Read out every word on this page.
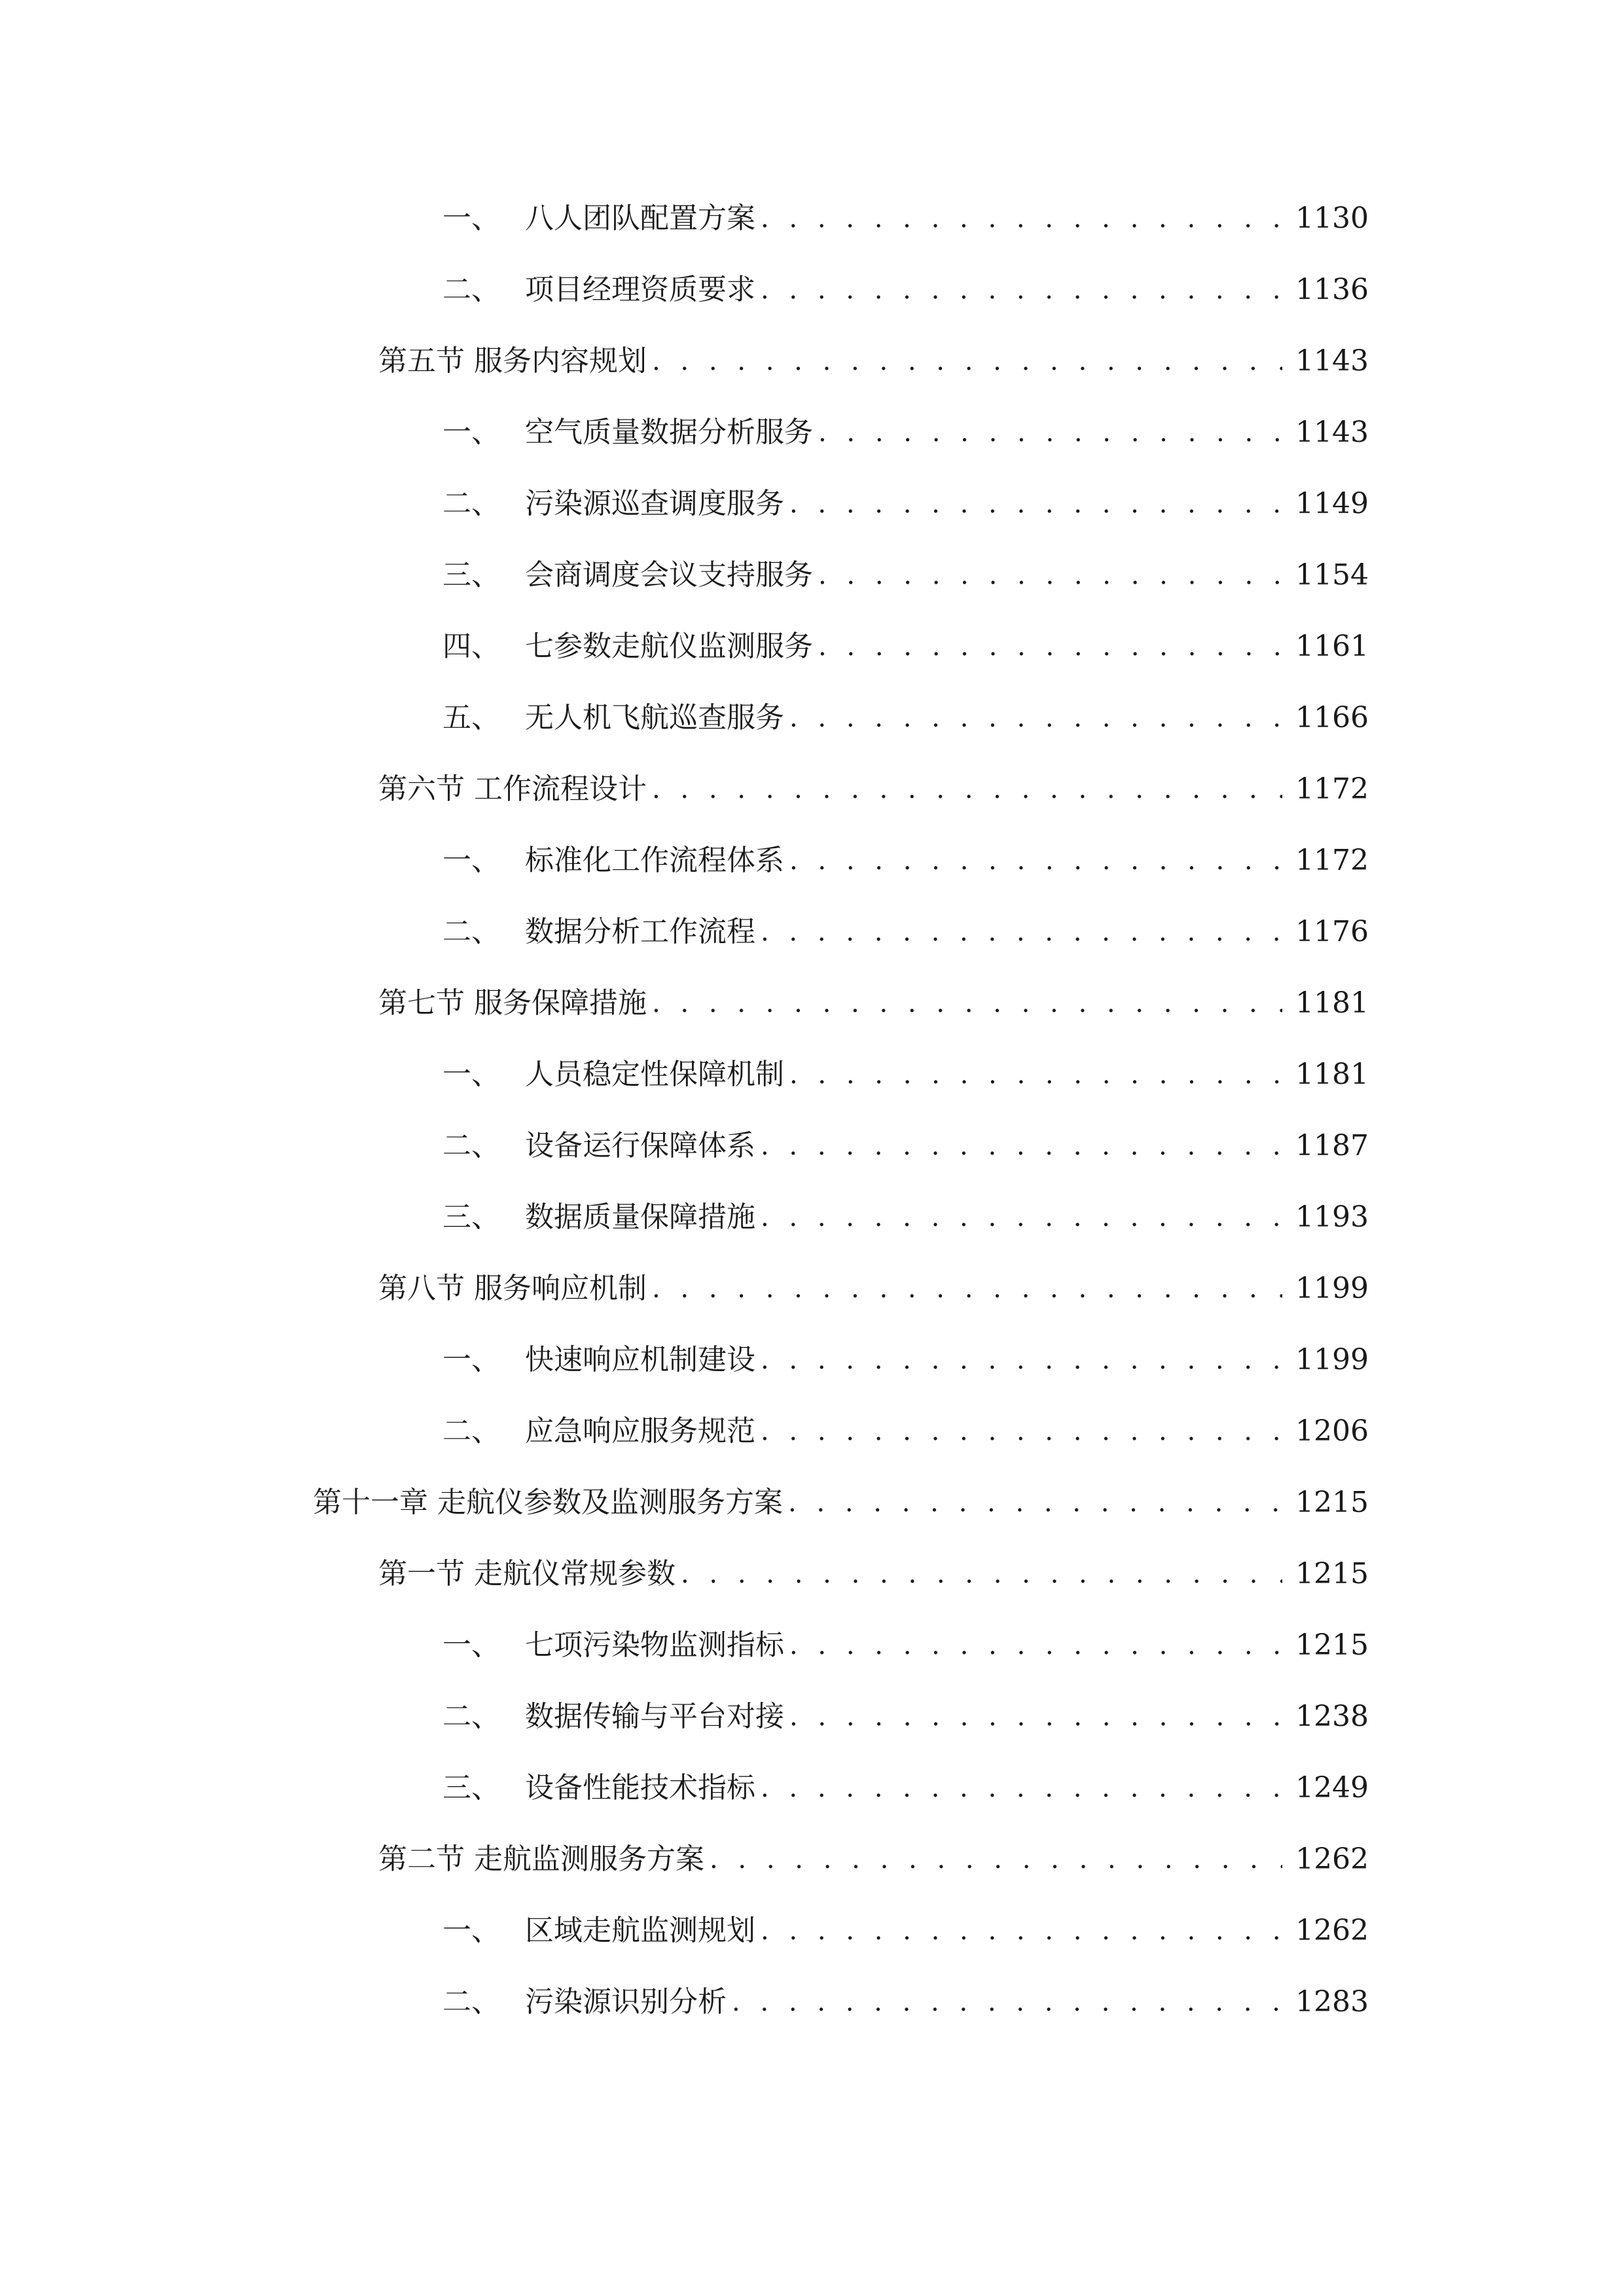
一、 八人团队配置方案 . . .	1130
二、 项目经理资质要求 . . .	1136
第五节 服务内容规划 . . .	1143
一、 空气质量数据分析服务 . . .	1143
二、 污染源巡查调度服务 . . .	1149
三、 会商调度会议支持服务 . . .	1154
四、 七参数走航仪监测服务 . . .	1161
五、 无人机飞航巡查服务 . . .	1166
第六节 工作流程设计 . . .	1172
一、 标准化工作流程体系 . . .	1172
二、 数据分析工作流程 . . .	1176
第七节 服务保障措施 . . .	1181
一、 人员稳定性保障机制 . . .	1181
二、 设备运行保障体系 . . .	1187
三、 数据质量保障措施 . . .	1193
第八节 服务响应机制 . . .	1199
一、 快速响应机制建设 . . .	1199
二、 应急响应服务规范 . . .	1206
第十一章 走航仪参数及监测服务方案 . . .	1215
第一节 走航仪常规参数 . . .	1215
一、 七项污染物监测指标 . . .	1215
二、 数据传输与平台对接 . . .	1238
三、 设备性能技术指标 . . .	1249
第二节 走航监测服务方案 . . .	1262
一、 区域走航监测规划 . . .	1262
二、 污染源识别分析 . . .	1283
